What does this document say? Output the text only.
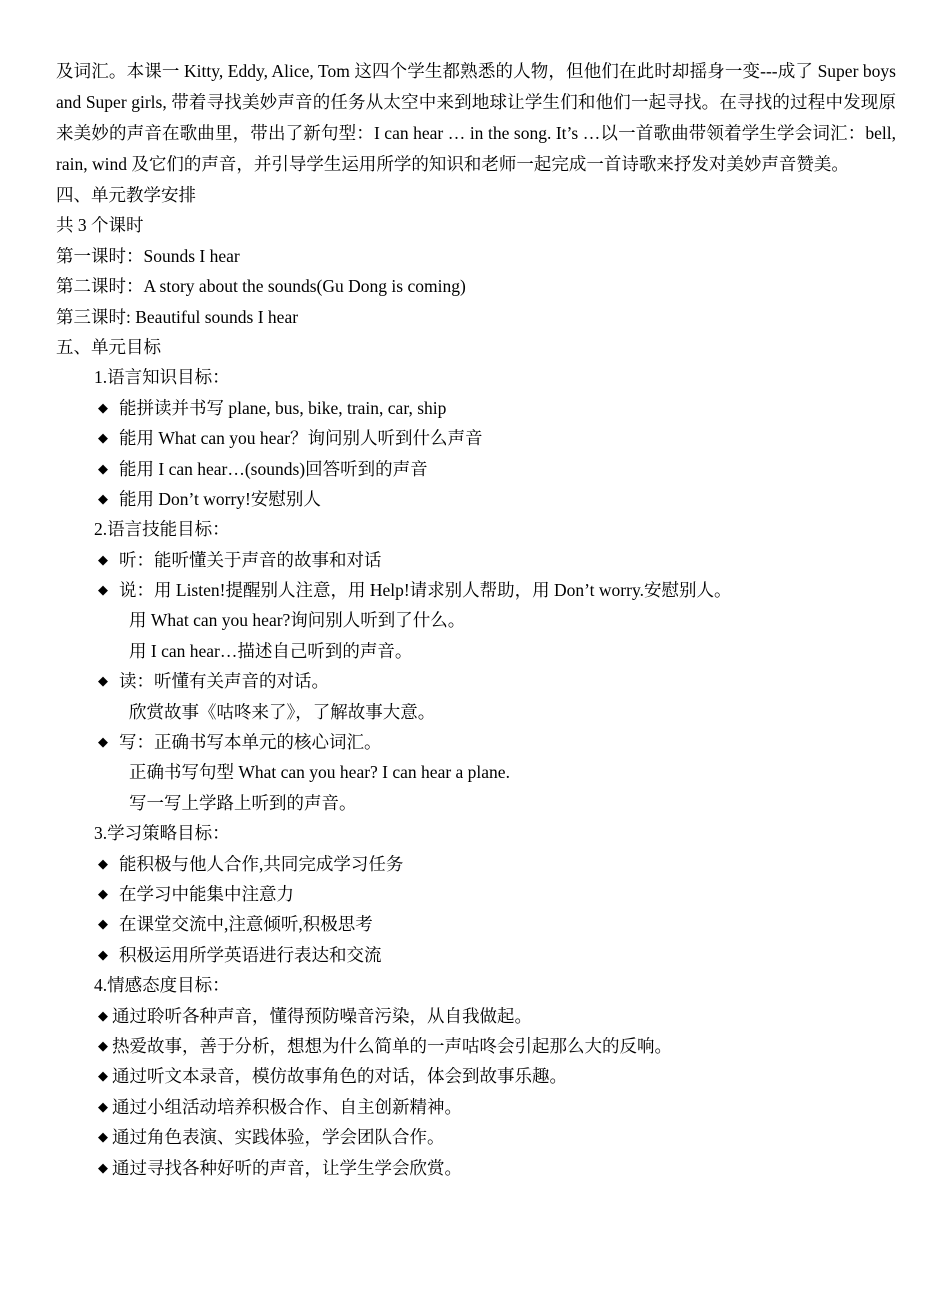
及词汇。本课一 Kitty, Eddy, Alice, Tom 这四个学生都熟悉的人物，但他们在此时却摇身一变---成了 Super boys and Super girls, 带着寻找美妙声音的任务从太空中来到地球让学生们和他们一起寻找。在寻找的过程中发现原来美妙的声音在歌曲里，带出了新句型：I can hear … in the song. It’s …以一首歌曲带领着学生学会词汇：bell, rain, wind 及它们的声音，并引导学生运用所学的知识和老师一起完成一首诗歌来抒发对美妙声音赞美。

四、单元教学安排
共 3 个课时
第一课时：Sounds I hear
第二课时：A story about the sounds(Gu Dong is coming)
第三课时: Beautiful sounds I hear
五、单元目标
1.语言知识目标：
◆ 能拼读并书写 plane, bus, bike, train, car, ship
◆ 能用 What can you hear？询问别人听到什么声音
◆ 能用 I can hear…(sounds)回答听到的声音
◆ 能用 Don’t worry!安慰别人
2.语言技能目标：
◆ 听：能听懂关于声音的故事和对话
◆ 说：用 Listen!提醒别人注意，用 Help!请求别人帮助，用 Don’t worry.安慰别人。
用 What can you hear?询问别人听到了什么。
用 I can hear…描述自己听到的声音。
◆ 读：听懂有关声音的对话。
欣赏故事《咕咚来了》，了解故事大意。
◆ 写：正确书写本单元的核心词汇。
正确书写句型 What can you hear? I can hear a plane.
写一写上学路上听到的声音。
3.学习策略目标：
◆ 能积极与他人合作,共同完成学习任务
◆ 在学习中能集中注意力
◆ 在课堂交流中,注意倾听,积极思考
◆ 积极运用所学英语进行表达和交流
4.情感态度目标：
◆ 通过聆听各种声音，懂得预防噪音污染，从自我做起。
◆ 热爱故事，善于分析，想想为什么简单的一声咕咚会引起那么大的反响。
◆ 通过听文本录音，模仿故事角色的对话，体会到故事乐趣。
◆ 通过小组活动培养积极合作、自主创新精神。
◆ 通过角色表演、实践体验，学会团队合作。
◆ 通过寻找各种好听的声音，让学生学会欣赏。
